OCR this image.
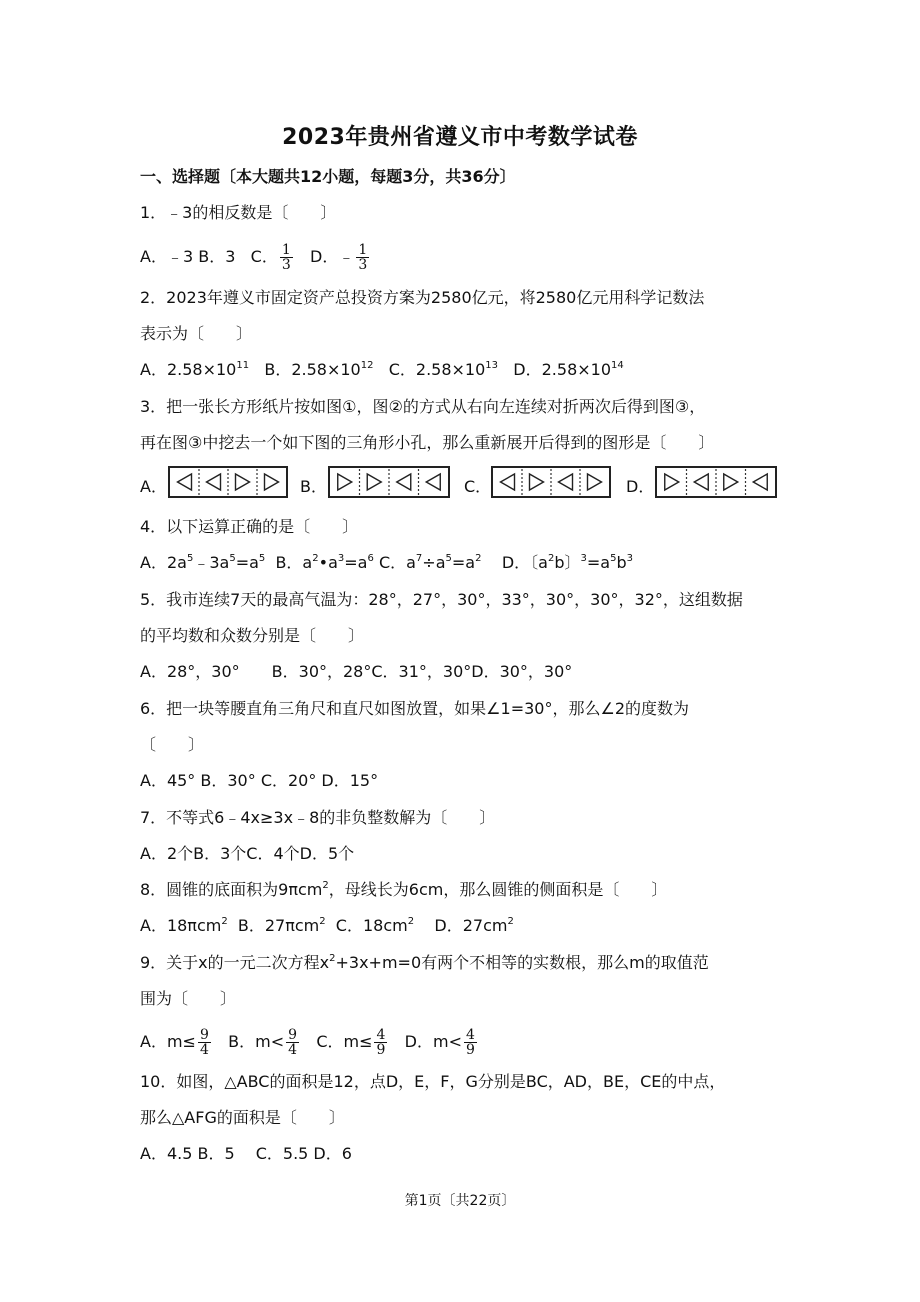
2023年贵州省遵义市中考数学试卷
一、选择题〔本大题共12小题，每题3分，共36分〕
1．﹣3的相反数是〔　　〕
A．﹣3 B．3 C． $\frac{1}{3}$ D．﹣ $\frac{1}{3}$
2．2023年遵义市固定资产总投资方案为2580亿元，将2580亿元用科学记数法
表示为〔　　〕
A．$2.58\times 10^{11}$ B．$2.58\times 10^{12}$ C．$2.58\times 10^{13}$ D．$2.58\times 10^{14}$
3．把一张长方形纸片按如图①，图②的方式从右向左连续对折两次后得到图③，
再在图③中挖去一个如下图的三角形小孔，那么重新展开后得到的图形是〔　　〕
A．	B．	C．	D．
4．以下运算正确的是〔　　〕
A．$2a^5﹣3a^5=a^5$ B．$a^2•a^3=a^6$ C．$a^7\div a^5=a^2$ D．〔$a^2b$〕$^3=a^5b^3$
5．我市连续7天的最高气温为：28°，27°，30°，33°，30°，30°，32°，这组数据
的平均数和众数分别是〔　　〕
A．28°，30°　　B．30°，28°C．31°，30°D．30°，30°
6．把一块等腰直角三角尺和直尺如图放置，如果∠1=30°，那么∠2的度数为
〔　　〕
A．45° B．30° C．20° D．15°
7．不等式6﹣4x≥3x﹣8的非负整数解为〔　　〕
A．2个B．3个C．4个D．5个
8．圆锥的底面积为9πcm$^2$，母线长为6cm，那么圆锥的侧面积是〔　　〕
A．18πcm$^2$ B．27πcm$^2$ C．$18cm^2$ D．$27cm^2$
9．关于x的一元二次方程$x^2+3x+m=0$有两个不相等的实数根，那么m的取值范
围为〔　　〕
A．$m\le \frac{9}{4}$ B．$m< \frac{9}{4}$ C．$m\le \frac{4}{9}$ D．$m< \frac{4}{9}$
10．如图，△ABC的面积是12，点D，E，F，G分别是BC，AD，BE，CE的中点，
那么△AFG的面积是〔　　〕
A．4.5 B．5　 C．5.5 D．6
第1页〔共22页〕
